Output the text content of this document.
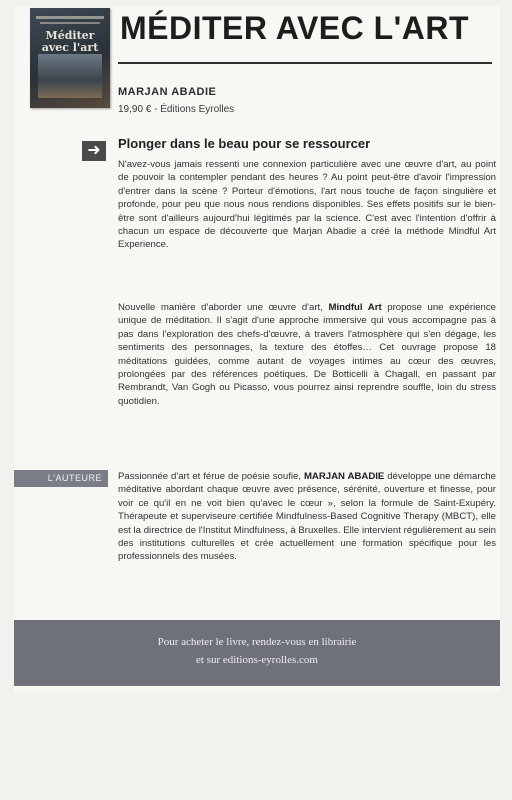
Méditer avec l'art
MÉDITER AVEC L'ART
MARJAN ABADIE
19,90 € - Éditions Eyrolles
➜	Plonger dans le beau pour se ressourcer
N'avez-vous jamais ressenti une connexion particulière avec une œuvre d'art, au point de pouvoir la contempler pendant des heures ? Au point peut-être d'avoir l'impression d'entrer dans la scène ? Porteur d'émotions, l'art nous touche de façon singulière et profonde, pour peu que nous nous rendions disponibles. Ses effets positifs sur le bien-être sont d'ailleurs aujourd'hui légitimés par la science. C'est avec l'intention d'offrir à chacun un espace de découverte que Marjan Abadie a créé la méthode Mindful Art Experience.
Nouvelle manière d'aborder une œuvre d'art, Mindful Art propose une expérience unique de méditation. Il s'agit d'une approche immersive qui vous accompagne pas à pas dans l'exploration des chefs-d'œuvre, à travers l'atmosphère qui s'en dégage, les sentiments des personnages, la texture des étoffes… Cet ouvrage propose 18 méditations guidées, comme autant de voyages intimes au cœur des œuvres, prolongées par des références poétiques. De Botticelli à Chagall, en passant par Rembrandt, Van Gogh ou Picasso, vous pourrez ainsi reprendre souffle, loin du stress quotidien.
L'AUTEURE	Passionnée d'art et férue de poésie soufie, MARJAN ABADIE développe une démarche méditative abordant chaque œuvre avec présence, sérénité, ouverture et finesse, pour voir ce qu'il en ne voit bien qu'avec le cœur », selon la formule de Saint-Exupéry. Thérapeute et superviseure certifiée Mindfulness-Based Cognitive Therapy (MBCT), elle est la directrice de l'Institut Mindfulness, à Bruxelles. Elle intervient régulièrement au sein des institutions culturelles et crée actuellement une formation spécifique pour les professionnels des musées.
Pour acheter le livre, rendez-vous en librairie
et sur editions-eyrolles.com
